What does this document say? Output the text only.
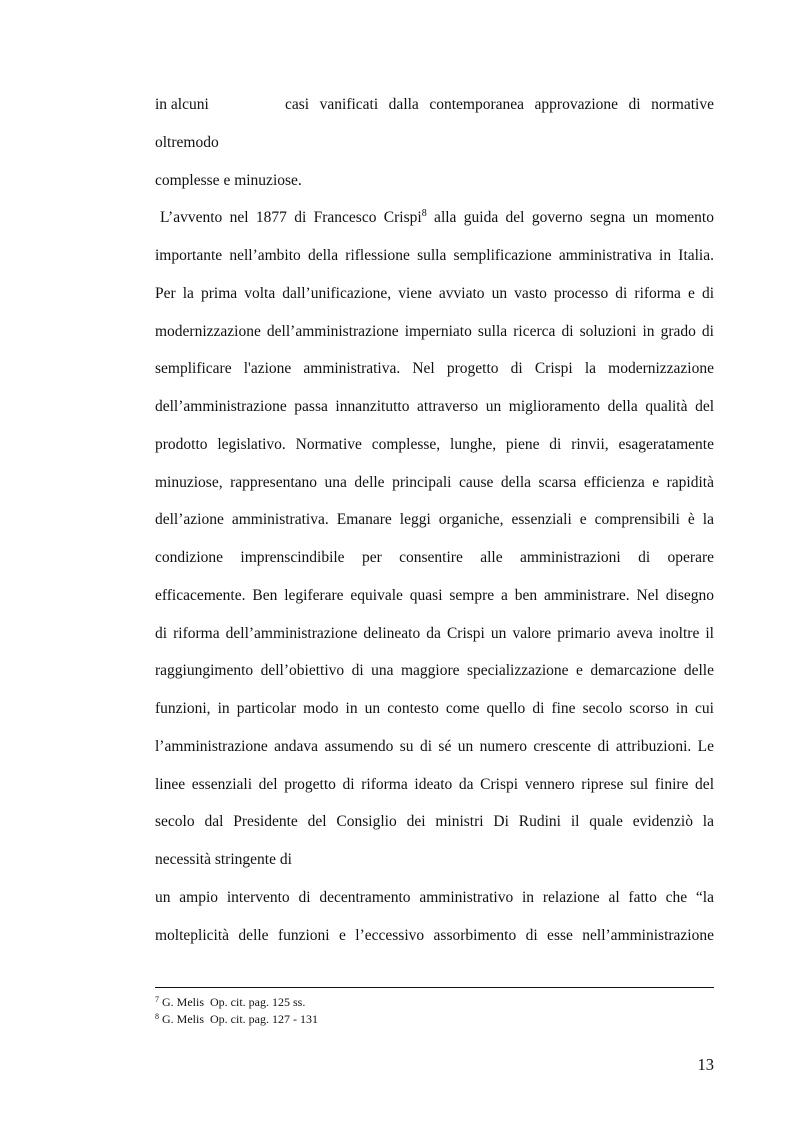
in alcuni	casi vanificati dalla contemporanea approvazione di normative
oltremodo
complesse e minuziose.
L’avvento nel 1877 di Francesco Crispi$^8$ alla guida del governo segna un momento
importante nell’ambito della riflessione sulla semplificazione amministrativa in Italia.
Per la prima volta dall’unificazione, viene avviato un vasto processo di riforma e di
modernizzazione dell’amministrazione imperniato sulla ricerca di soluzioni in grado di
semplificare l'azione amministrativa. Nel progetto di Crispi la modernizzazione
dell’amministrazione passa innanzitutto attraverso un miglioramento della qualità del
prodotto legislativo. Normative complesse, lunghe, piene di rinvii, esageratamente
minuziose, rappresentano una delle principali cause della scarsa efficienza e rapidità
dell’azione amministrativa. Emanare leggi organiche, essenziali e comprensibili è la
condizione imprenscindibile per consentire alle amministrazioni di operare
efficacemente. Ben legiferare equivale quasi sempre a ben amministrare. Nel disegno
di riforma dell’amministrazione delineato da Crispi un valore primario aveva inoltre il
raggiungimento dell’obiettivo di una maggiore specializzazione e demarcazione delle
funzioni, in particolar modo in un contesto come quello di fine secolo scorso in cui
l’amministrazione andava assumendo su di sé un numero crescente di attribuzioni. Le
linee essenziali del progetto di riforma ideato da Crispi vennero riprese sul finire del
secolo dal Presidente del Consiglio dei ministri Di Rudini il quale evidenziò la
necessità stringente di
un ampio intervento di decentramento amministrativo in relazione al fatto che “la
molteplicità delle funzioni e l’eccessivo assorbimento di esse nell’amministrazione
$^7$ G. Melis  Op. cit. pag. 125 ss.
$^8$ G. Melis  Op. cit. pag. 127 - 131
13
